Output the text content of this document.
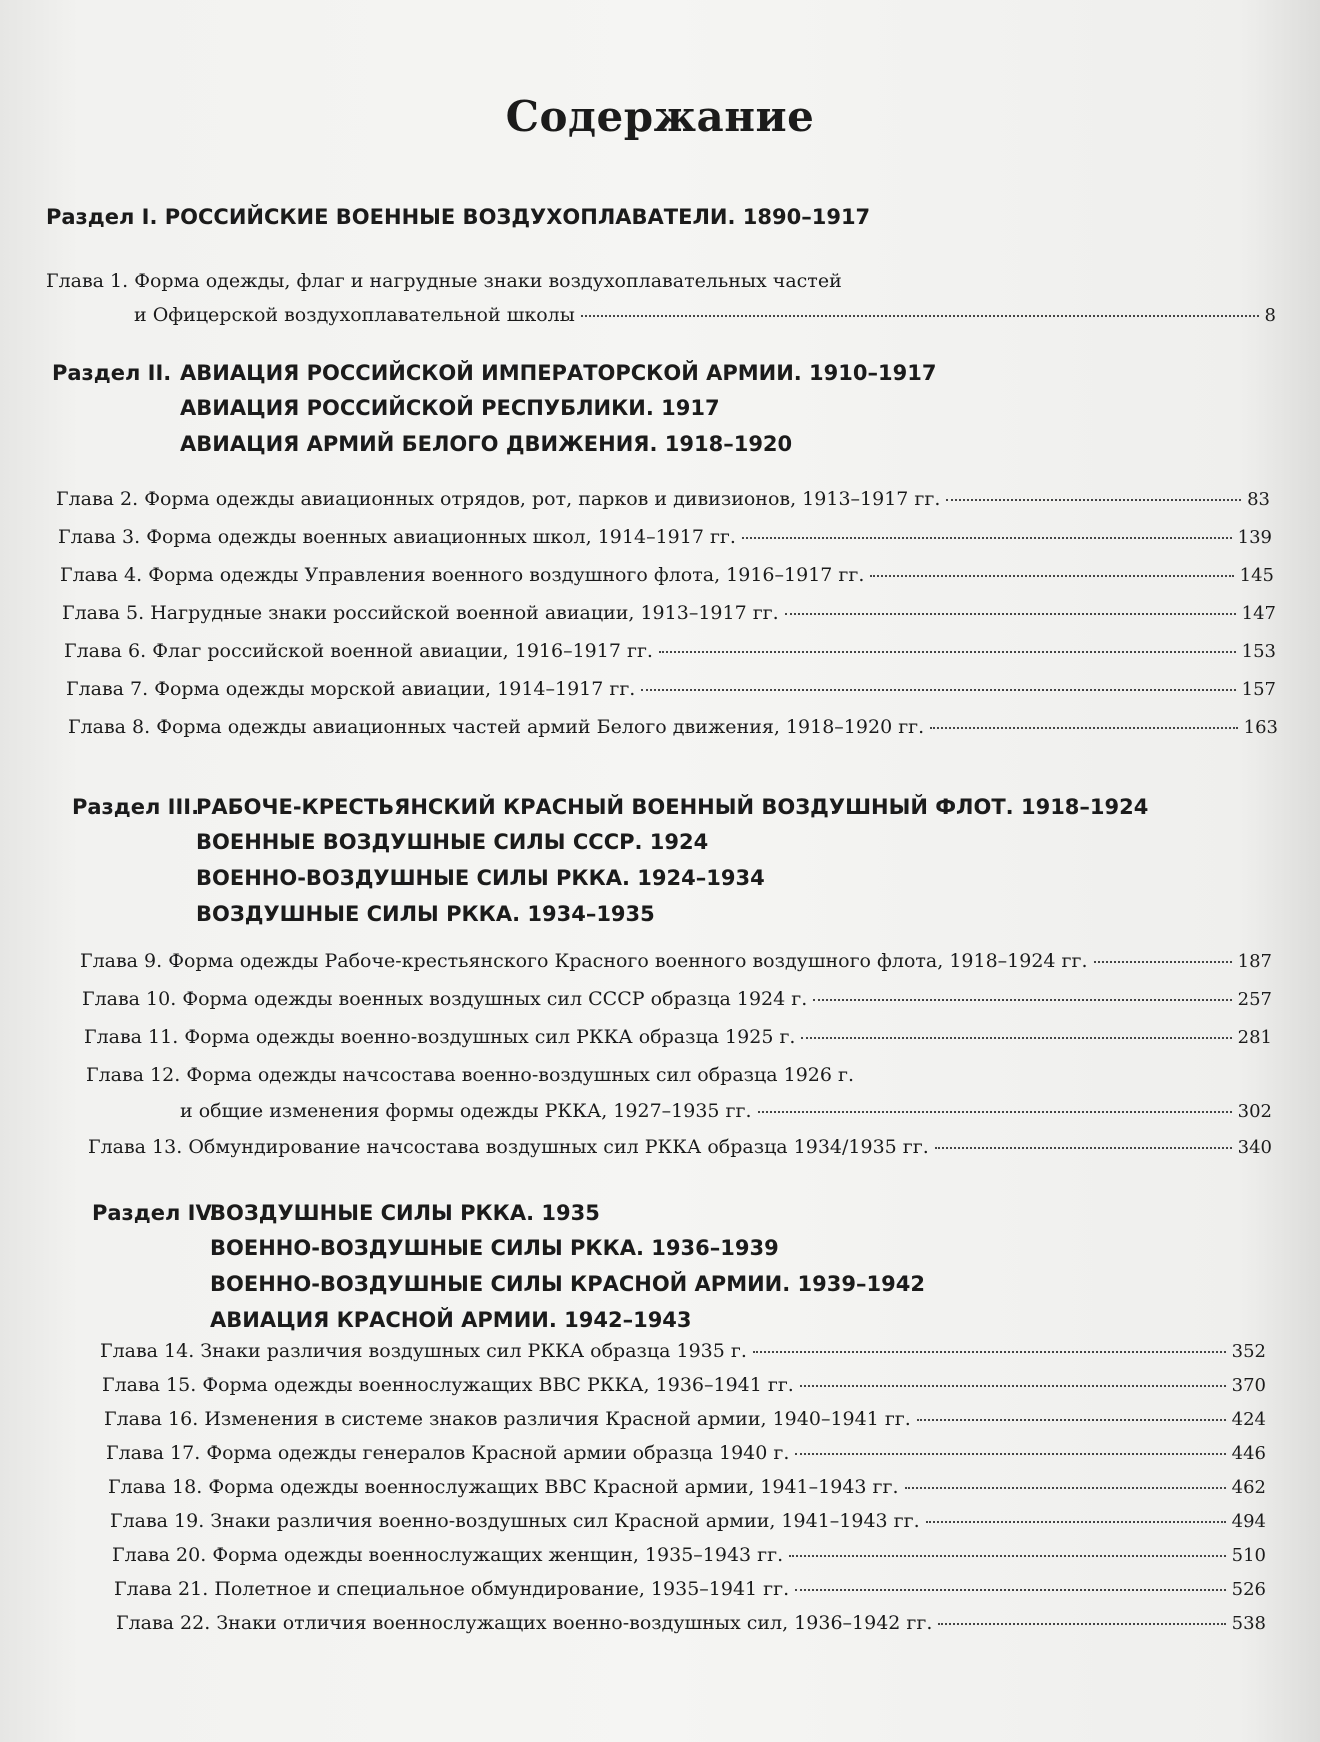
Содержание
Раздел I. РОССИЙСКИЕ ВОЕННЫЕ ВОЗДУХОПЛАВАТЕЛИ. 1890–1917
Глава 1.
Форма одежды, флаг и нагрудные знаки воздухоплавательных частей
и Офицерской воздухоплавательной школы	8
Раздел II. АВИАЦИЯ РОССИЙСКОЙ ИМПЕРАТОРСКОЙ АРМИИ. 1910–1917
АВИАЦИЯ РОССИЙСКОЙ РЕСПУБЛИКИ. 1917
АВИАЦИЯ АРМИЙ БЕЛОГО ДВИЖЕНИЯ. 1918–1920
Глава 2.
Форма одежды авиационных отрядов, рот, парков и дивизионов, 1913–1917 гг.	83
Глава 3.
Форма одежды военных авиационных школ, 1914–1917 гг.	139
Глава 4.
Форма одежды Управления военного воздушного флота, 1916–1917 гг.	145
Глава 5.
Нагрудные знаки российской военной авиации, 1913–1917 гг.	147
Глава 6.
Флаг российской военной авиации, 1916–1917 гг.	153
Глава 7.
Форма одежды морской авиации, 1914–1917 гг.	157
Глава 8.
Форма одежды авиационных частей армий Белого движения, 1918–1920 гг.	163
Раздел III.
РАБОЧЕ-КРЕСТЬЯНСКИЙ КРАСНЫЙ ВОЕННЫЙ ВОЗДУШНЫЙ ФЛОТ. 1918–1924
ВОЕННЫЕ ВОЗДУШНЫЕ СИЛЫ СССР. 1924
ВОЕННО-ВОЗДУШНЫЕ СИЛЫ РККА. 1924–1934
ВОЗДУШНЫЕ СИЛЫ РККА. 1934–1935
Глава 9.
Форма одежды Рабоче-крестьянского Красного военного воздушного флота, 1918–1924 гг.	187
Глава 10.
Форма одежды военных воздушных сил СССР образца 1924 г.	257
Глава 11.
Форма одежды военно-воздушных сил РККА образца 1925 г.	281
Глава 12.
Форма одежды начсостава военно-воздушных сил образца 1926 г.
и общие изменения формы одежды РККА, 1927–1935 гг.	302
Глава 13.
Обмундирование начсостава воздушных сил РККА образца 1934/1935 гг.	340
Раздел IV.
ВОЗДУШНЫЕ СИЛЫ РККА. 1935
ВОЕННО-ВОЗДУШНЫЕ СИЛЫ РККА. 1936–1939
ВОЕННО-ВОЗДУШНЫЕ СИЛЫ КРАСНОЙ АРМИИ. 1939–1942
АВИАЦИЯ КРАСНОЙ АРМИИ. 1942–1943
Глава 14.
Знаки различия воздушных сил РККА образца 1935 г.	352
Глава 15.
Форма одежды военнослужащих ВВС РККА, 1936–1941 гг.	370
Глава 16.
Изменения в системе знаков различия Красной армии, 1940–1941 гг.	424
Глава 17.
Форма одежды генералов Красной армии образца 1940 г.	446
Глава 18.
Форма одежды военнослужащих ВВС Красной армии, 1941–1943 гг.	462
Глава 19.
Знаки различия военно-воздушных сил Красной армии, 1941–1943 гг.	494
Глава 20.
Форма одежды военнослужащих женщин, 1935–1943 гг.	510
Глава 21.
Полетное и специальное обмундирование, 1935–1941 гг.	526
Глава 22.
Знаки отличия военнослужащих военно-воздушных сил, 1936–1942 гг.	538
